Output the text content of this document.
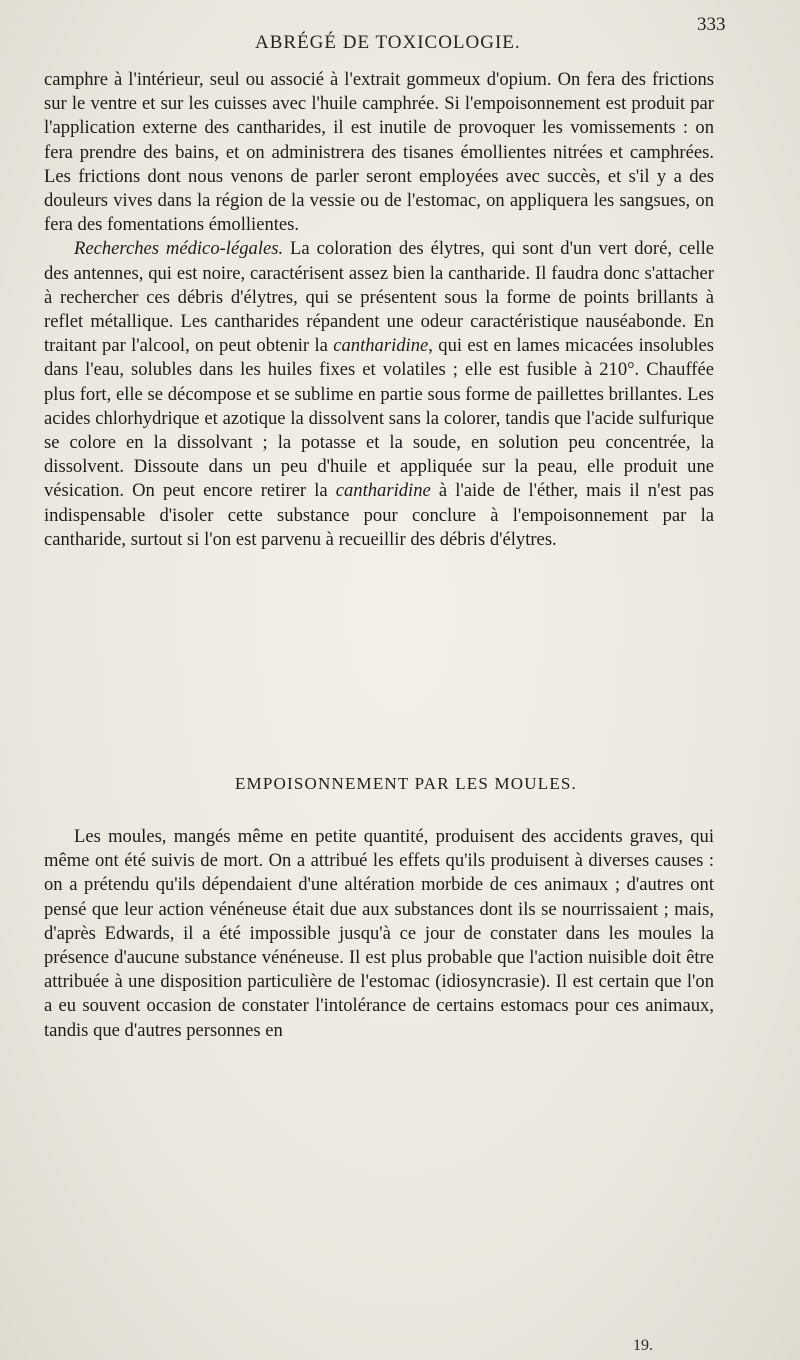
ABRÉGÉ DE TOXICOLOGIE.
333

camphre à l'intérieur, seul ou associé à l'extrait gommeux d'opium. On fera des frictions sur le ventre et sur les cuisses avec l'huile camphrée. Si l'empoisonnement est produit par l'application externe des cantharides, il est inutile de provoquer les vomissements : on fera prendre des bains, et on administrera des tisanes émollientes nitrées et camphrées. Les frictions dont nous venons de parler seront employées avec succès, et s'il y a des douleurs vives dans la région de la vessie ou de l'estomac, on appliquera les sangsues, on fera des fomentations émollientes.

Recherches médico-légales. La coloration des élytres, qui sont d'un vert doré, celle des antennes, qui est noire, caractérisent assez bien la cantharide. Il faudra donc s'attacher à rechercher ces débris d'élytres, qui se présentent sous la forme de points brillants à reflet métallique. Les cantharides répandent une odeur caractéristique nauséabonde. En traitant par l'alcool, on peut obtenir la cantharidine, qui est en lames micacées insolubles dans l'eau, solubles dans les huiles fixes et volatiles ; elle est fusible à 210°. Chauffée plus fort, elle se décompose et se sublime en partie sous forme de paillettes brillantes. Les acides chlorhydrique et azotique la dissolvent sans la colorer, tandis que l'acide sulfurique se colore en la dissolvant ; la potasse et la soude, en solution peu concentrée, la dissolvent. Dissoute dans un peu d'huile et appliquée sur la peau, elle produit une vésication. On peut encore retirer la cantharidine à l'aide de l'éther, mais il n'est pas indispensable d'isoler cette substance pour conclure à l'empoisonnement par la cantharide, surtout si l'on est parvenu à recueillir des débris d'élytres.

EMPOISONNEMENT PAR LES MOULES.

Les moules, mangés même en petite quantité, produisent des accidents graves, qui même ont été suivis de mort. On a attribué les effets qu'ils produisent à diverses causes : on a prétendu qu'ils dépendaient d'une altération morbide de ces animaux ; d'autres ont pensé que leur action vénéneuse était due aux substances dont ils se nourrissaient ; mais, d'après Edwards, il a été impossible jusqu'à ce jour de constater dans les moules la présence d'aucune substance vénéneuse. Il est plus probable que l'action nuisible doit être attribuée à une disposition particulière de l'estomac (idiosyncrasie). Il est certain que l'on a eu souvent occasion de constater l'intolérance de certains estomacs pour ces animaux, tandis que d'autres personnes en

19.
